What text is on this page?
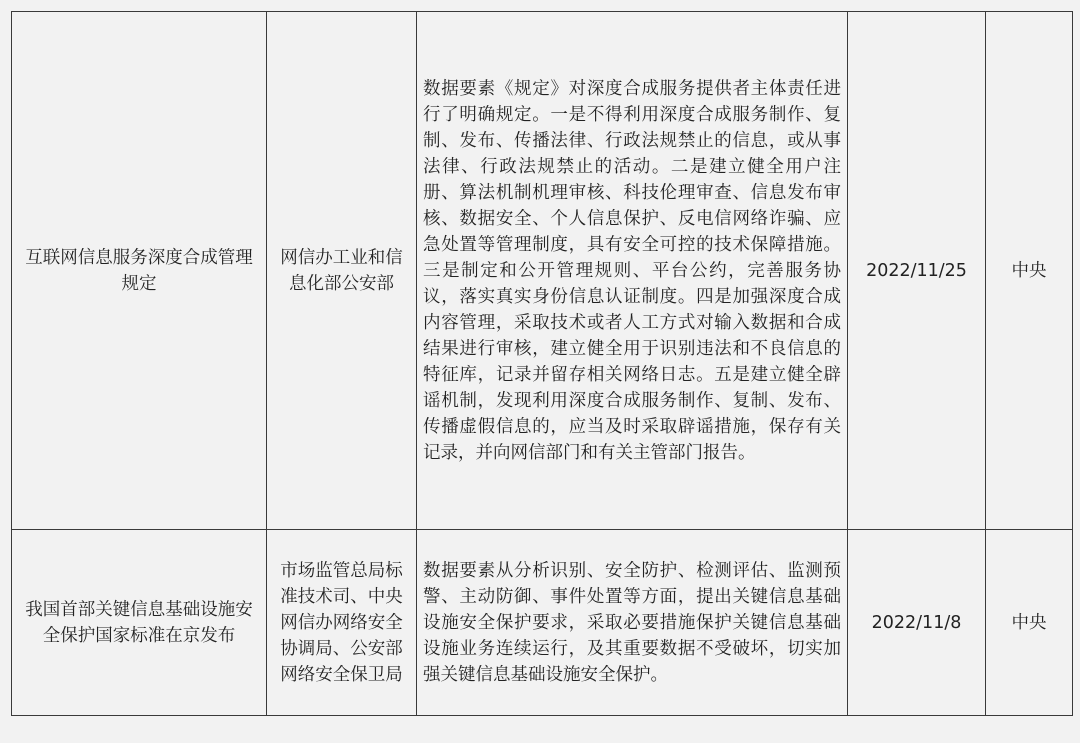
互联网信息服务深度合成管理规定	网信办工业和信息化部公安部	数据要素《规定》对深度合成服务提供者主体责任进行了明确规定。一是不得利用深度合成服务制作、复制、发布、传播法律、行政法规禁止的信息，或从事法律、行政法规禁止的活动。二是建立健全用户注册、算法机制机理审核、科技伦理审查、信息发布审核、数据安全、个人信息保护、反电信网络诈骗、应急处置等管理制度，具有安全可控的技术保障措施。三是制定和公开管理规则、平台公约，完善服务协议，落实真实身份信息认证制度。四是加强深度合成内容管理，采取技术或者人工方式对输入数据和合成结果进行审核，建立健全用于识别违法和不良信息的特征库，记录并留存相关网络日志。五是建立健全辟谣机制，发现利用深度合成服务制作、复制、发布、传播虚假信息的，应当及时采取辟谣措施，保存有关记录，并向网信部门和有关主管部门报告。	2022/11/25	中央

我国首部关键信息基础设施安全保护国家标准在京发布	市场监管总局标准技术司、中央网信办网络安全协调局、公安部网络安全保卫局	数据要素从分析识别、安全防护、检测评估、监测预警、主动防御、事件处置等方面，提出关键信息基础设施安全保护要求，采取必要措施保护关键信息基础设施业务连续运行，及其重要数据不受破坏，切实加强关键信息基础设施安全保护。	2022/11/8	中央
